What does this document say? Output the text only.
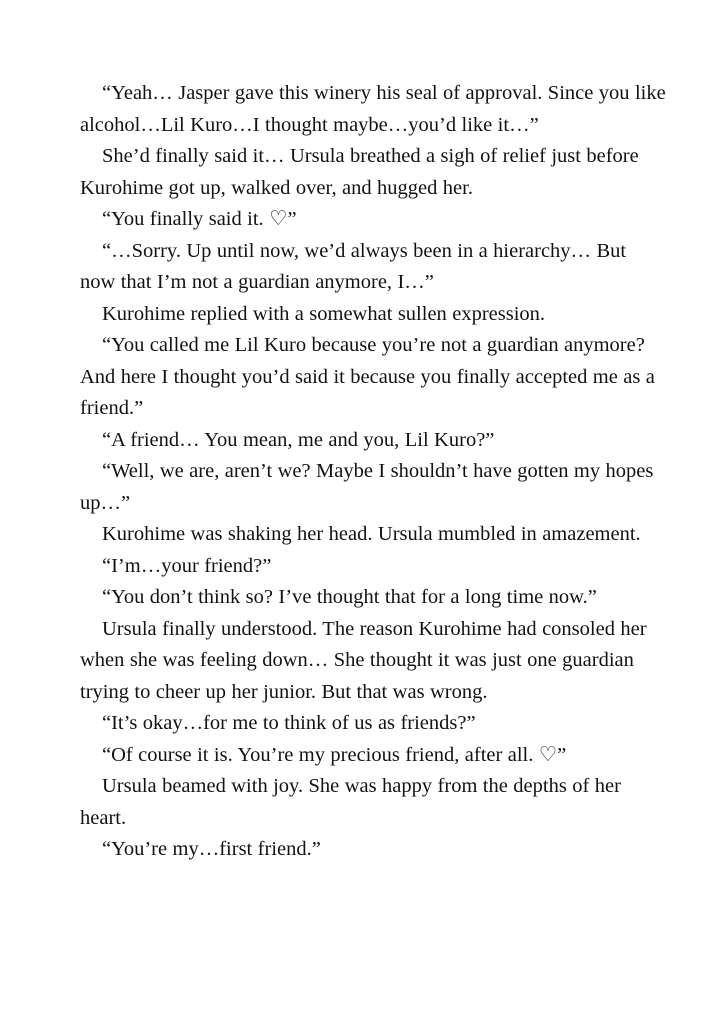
“Yeah… Jasper gave this winery his seal of approval. Since you like alcohol…Lil Kuro…I thought maybe…you’d like it…”

She’d finally said it… Ursula breathed a sigh of relief just before Kurohime got up, walked over, and hugged her.

“You finally said it. ♡”

“…Sorry. Up until now, we’d always been in a hierarchy… But now that I’m not a guardian anymore, I…”

Kurohime replied with a somewhat sullen expression.

“You called me Lil Kuro because you’re not a guardian anymore? And here I thought you’d said it because you finally accepted me as a friend.”

“A friend… You mean, me and you, Lil Kuro?”

“Well, we are, aren’t we? Maybe I shouldn’t have gotten my hopes up…”

Kurohime was shaking her head. Ursula mumbled in amazement.

“I’m…your friend?”

“You don’t think so? I’ve thought that for a long time now.”

Ursula finally understood. The reason Kurohime had consoled her when she was feeling down… She thought it was just one guardian trying to cheer up her junior. But that was wrong.

“It’s okay…for me to think of us as friends?”

“Of course it is. You’re my precious friend, after all. ♡”

Ursula beamed with joy. She was happy from the depths of her heart.

“You’re my…first friend.”
